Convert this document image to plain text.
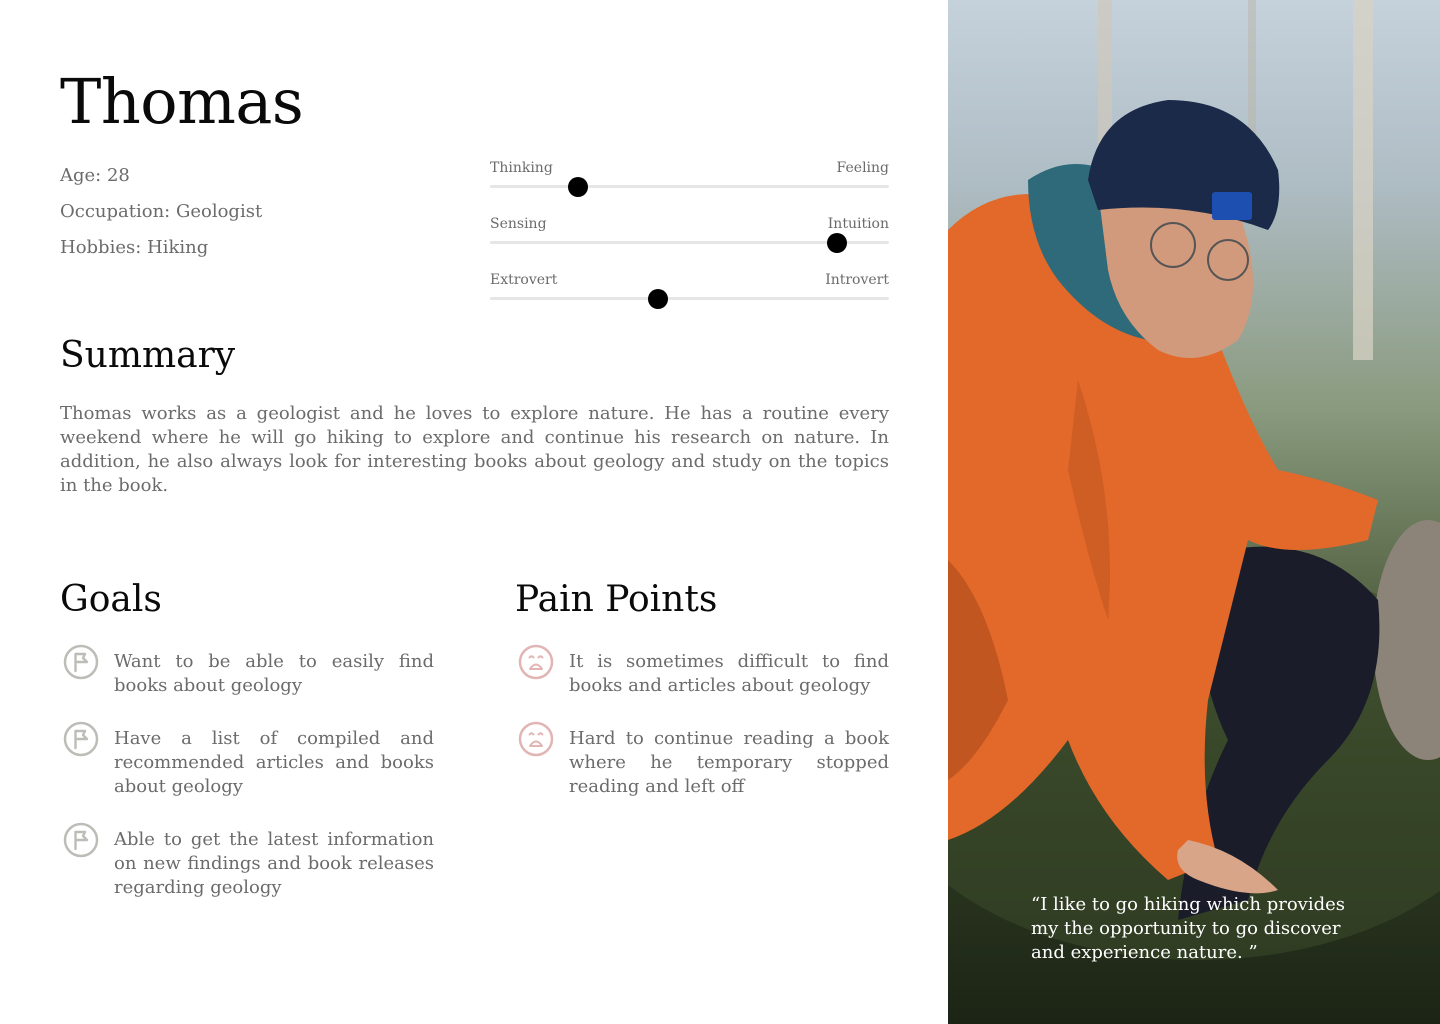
Thomas
Age: 28
Occupation: Geologist
Hobbies: Hiking
Thinking	Feeling
Sensing	Intuition
Extrovert	Introvert
Summary

Thomas works as a geologist and he loves to explore nature. He has a routine every weekend where he will go hiking to explore and continue his research on nature. In addition, he also always look for interesting books about geology and study on the topics in the book.

Goals
Want to be able to easily find books about geology
Have a list of compiled and recommended articles and books about geology
Able to get the latest information on new findings and book releases regarding geology
Pain Points
It is sometimes difficult to find books and articles about geology
Hard to continue reading a book where he temporary stopped reading and left off

“I like to go hiking which provides my the opportunity to go discover and experience nature. ”
